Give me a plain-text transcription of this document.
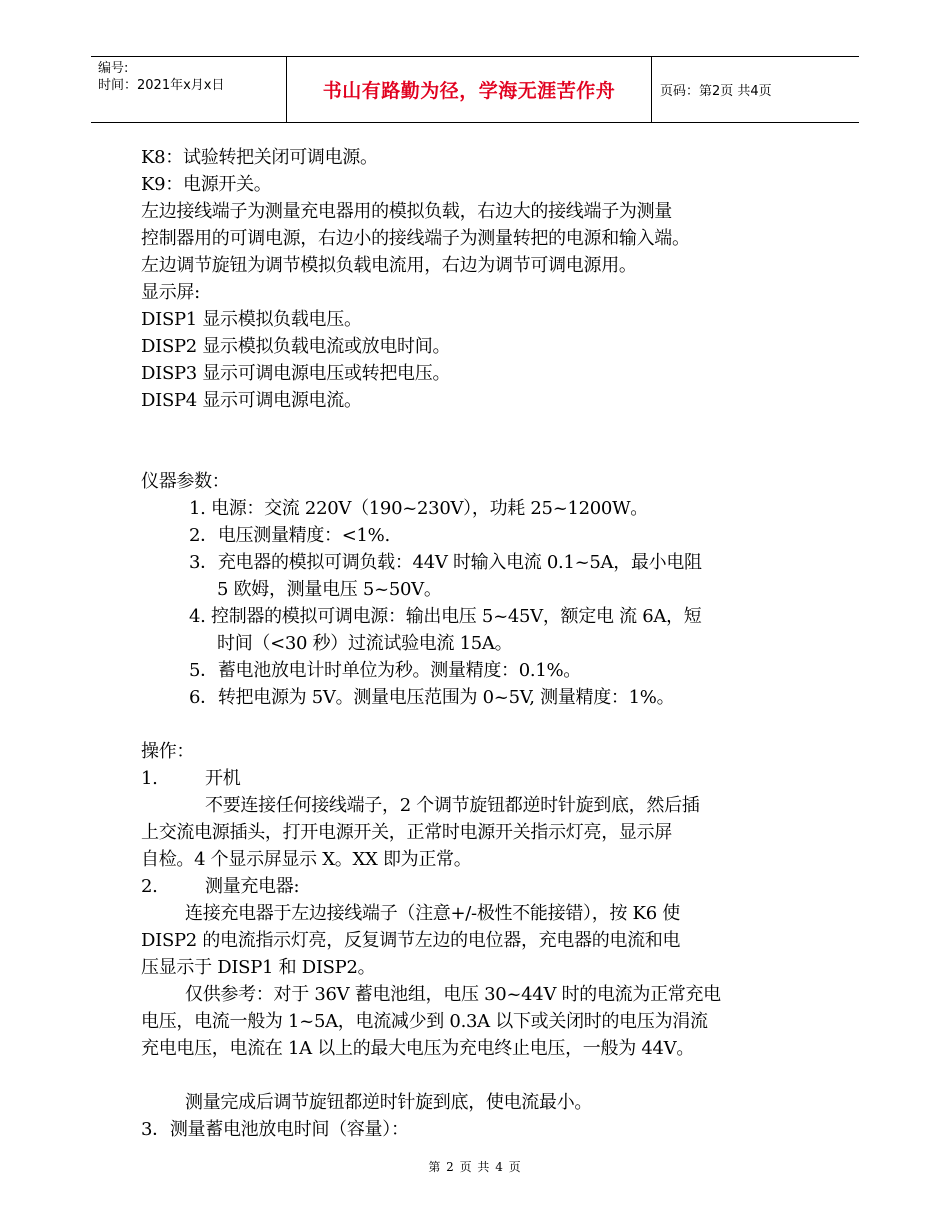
编号:
时间：2021年x月x日	书山有路勤为径，学海无涯苦作舟	页码：第2页 共4页
K8：试验转把关闭可调电源。
K9：电源开关。
左边接线端子为测量充电器用的模拟负载，右边大的接线端子为测量
控制器用的可调电源，右边小的接线端子为测量转把的电源和输入端。
左边调节旋钮为调节模拟负载电流用，右边为调节可调电源用。
显示屏:
DISP1 显示模拟负载电压。
DISP2 显示模拟负载电流或放电时间。
DISP3 显示可调电源电压或转把电压。
DISP4 显示可调电源电流。
仪器参数：
1. 电源：交流 220V（190~230V），功耗 25~1200W。
2．电压测量精度：<1%.
3．充电器的模拟可调负载：44V 时输入电流 0.1~5A，最小电阻
5 欧姆，测量电压 5~50V。
4. 控制器的模拟可调电源：输出电压 5~45V，额定电 流 6A，短
时间（<30 秒）过流试验电流 15A。
5．蓄电池放电计时单位为秒。测量精度：0.1%。
6．转把电源为 5V。测量电压范围为 0~5V, 测量精度：1%。
操作：
1.	开机
不要连接任何接线端子，2 个调节旋钮都逆时针旋到底，然后插
上交流电源插头，打开电源开关，正常时电源开关指示灯亮，显示屏
自检。4 个显示屏显示 X。XX 即为正常。
2.	测量充电器:
连接充电器于左边接线端子（注意+/-极性不能接错），按 K6 使
DISP2 的电流指示灯亮，反复调节左边的电位器，充电器的电流和电
压显示于 DISP1 和 DISP2。
仅供参考：对于 36V 蓄电池组，电压 30~44V 时的电流为正常充电
电压，电流一般为 1~5A，电流减少到 0.3A 以下或关闭时的电压为涓流
充电电压，电流在 1A 以上的最大电压为充电终止电压，一般为 44V。
测量完成后调节旋钮都逆时针旋到底，使电流最小。
3．测量蓄电池放电时间（容量）：
第 2 页 共 4 页
